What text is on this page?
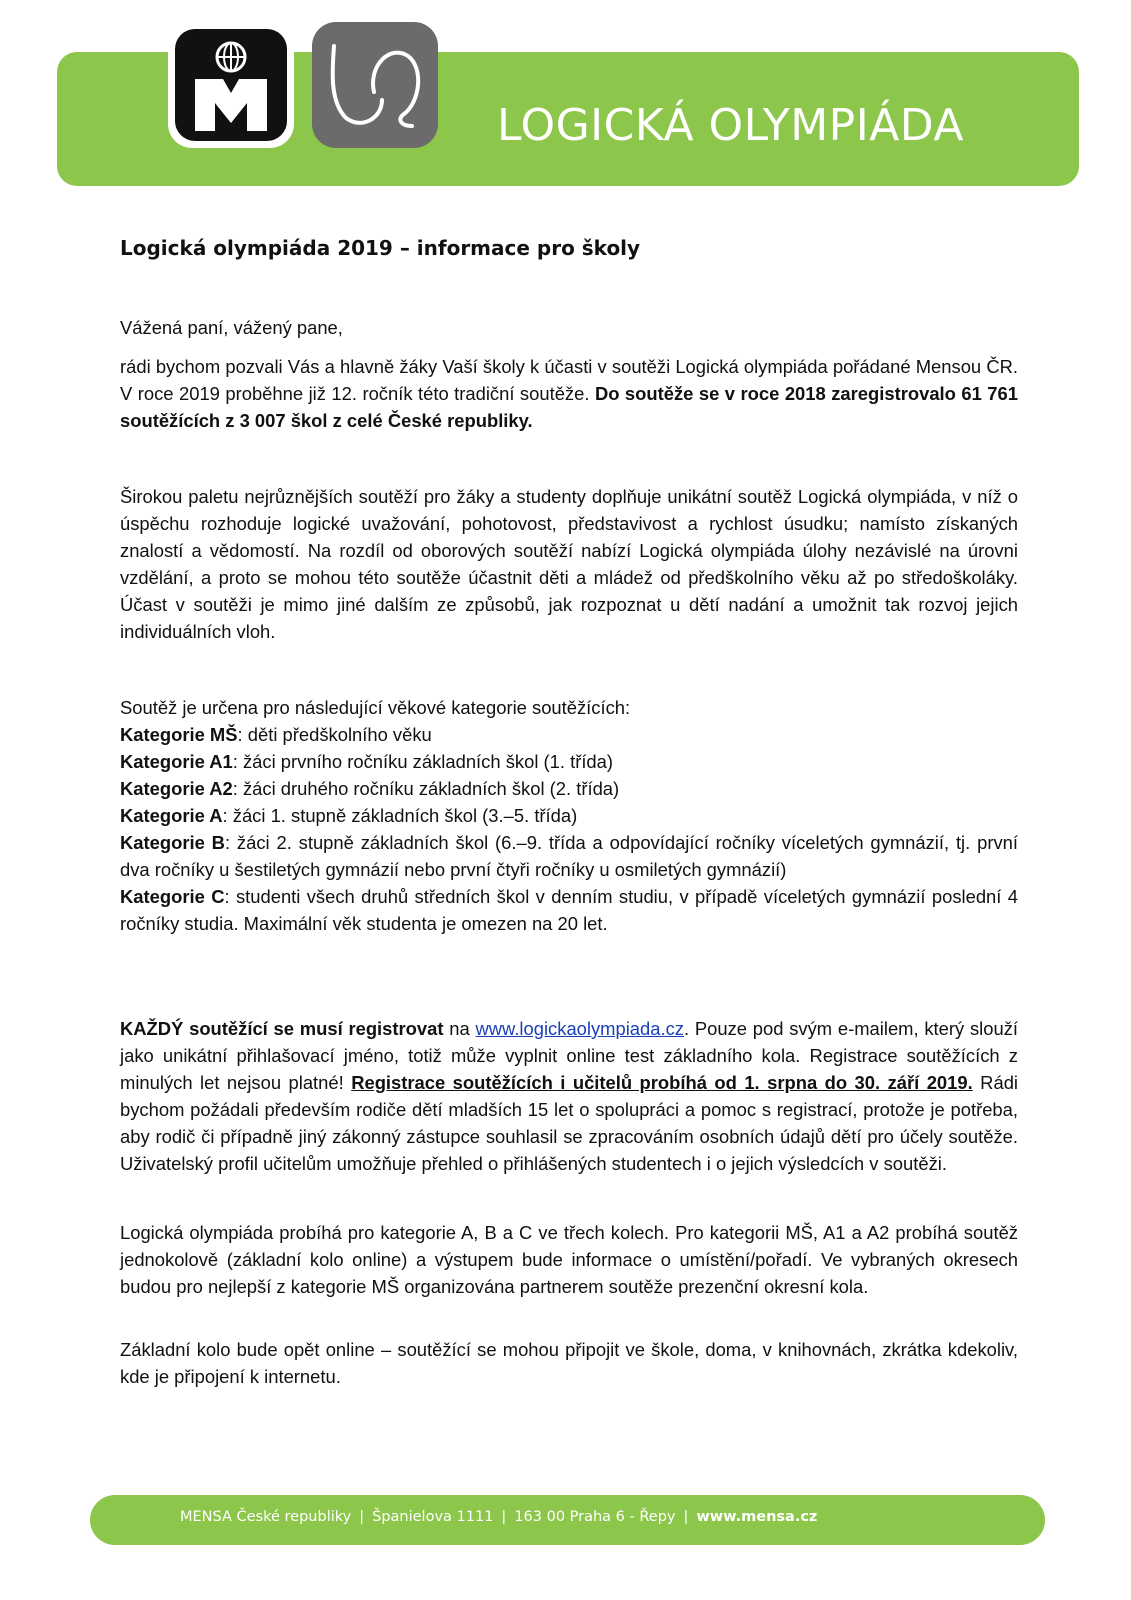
LOGICKÁ OLYMPIÁDA
Logická olympiáda 2019 – informace pro školy

Vážená paní, vážený pane,

rádi bychom pozvali Vás a hlavně žáky Vaší školy k účasti v soutěži Logická olympiáda pořádané Mensou ČR. V roce 2019 proběhne již 12. ročník této tradiční soutěže. Do soutěže se v roce 2018 zaregistrovalo 61 761 soutěžících z 3 007 škol z celé České republiky.

Širokou paletu nejrůznějších soutěží pro žáky a studenty doplňuje unikátní soutěž Logická olympiáda, v níž o úspěchu rozhoduje logické uvažování, pohotovost, představivost a rychlost úsudku; namísto získaných znalostí a vědomostí. Na rozdíl od oborových soutěží nabízí Logická olympiáda úlohy nezávislé na úrovni vzdělání, a proto se mohou této soutěže účastnit děti a mládež od předškolního věku až po středoškoláky. Účast v soutěži je mimo jiné dalším ze způsobů, jak rozpoznat u dětí nadání a umožnit tak rozvoj jejich individuálních vloh.

Soutěž je určena pro následující věkové kategorie soutěžících:

Kategorie MŠ: děti předškolního věku

Kategorie A1: žáci prvního ročníku základních škol (1. třída)

Kategorie A2: žáci druhého ročníku základních škol (2. třída)

Kategorie A: žáci 1. stupně základních škol (3.–5. třída)

Kategorie B: žáci 2. stupně základních škol (6.–9. třída a odpovídající ročníky víceletých gymnázií, tj. první dva ročníky u šestiletých gymnázií nebo první čtyři ročníky u osmiletých gymnázií)

Kategorie C: studenti všech druhů středních škol v denním studiu, v případě víceletých gymnázií poslední 4 ročníky studia. Maximální věk studenta je omezen na 20 let.

KAŽDÝ soutěžící se musí registrovat na www.logickaolympiada.cz. Pouze pod svým e-mailem, který slouží jako unikátní přihlašovací jméno, totiž může vyplnit online test základního kola. Registrace soutěžících z minulých let nejsou platné! Registrace soutěžících i učitelů probíhá od 1. srpna do 30. září 2019. Rádi bychom požádali především rodiče dětí mladších 15 let o spolupráci a pomoc s registrací, protože je potřeba, aby rodič či případně jiný zákonný zástupce souhlasil se zpracováním osobních údajů dětí pro účely soutěže. Uživatelský profil učitelům umožňuje přehled o přihlášených studentech i o jejich výsledcích v soutěži.

Logická olympiáda probíhá pro kategorie A, B a C ve třech kolech. Pro kategorii MŠ, A1 a A2 probíhá soutěž jednokolově (základní kolo online) a výstupem bude informace o umístění/pořadí. Ve vybraných okresech budou pro nejlepší z kategorie MŠ organizována partnerem soutěže prezenční okresní kola.

Základní kolo bude opět online – soutěžící se mohou připojit ve škole, doma, v knihovnách, zkrátka kdekoliv, kde je připojení k internetu.

MENSA České republiky | Španielova 1111 | 163 00 Praha 6 - Řepy | www.mensa.cz
